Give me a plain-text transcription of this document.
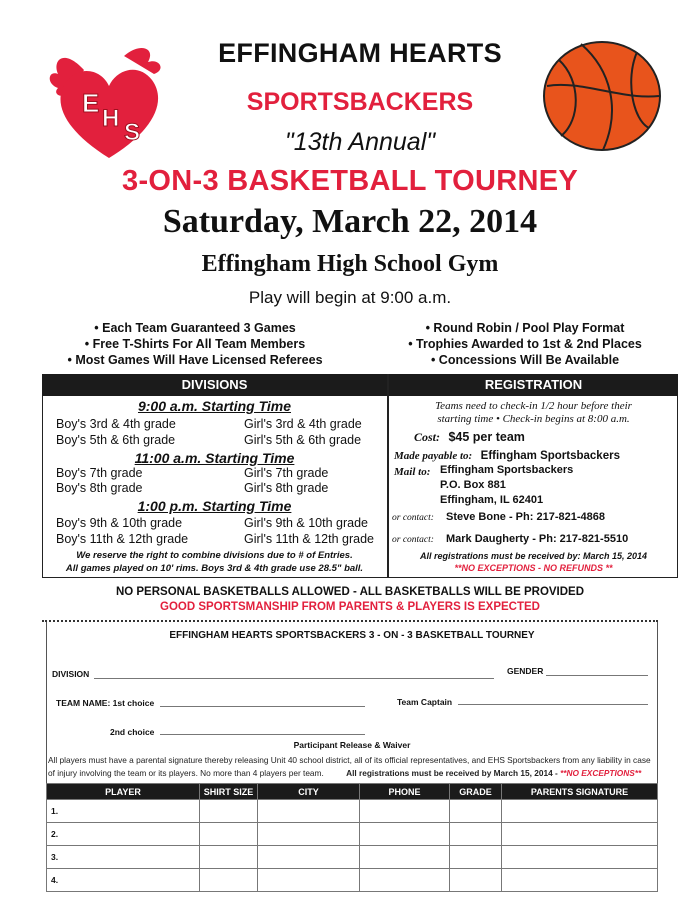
E
H
S
EFFINGHAM HEARTS
SPORTSBACKERS
"13th Annual"
3-ON-3 BASKETBALL TOURNEY
Saturday, March 22, 2014
Effingham High School Gym
Play will begin at 9:00 a.m.
• Each Team Guaranteed 3 Games
• Free T-Shirts For All Team Members
• Most Games Will Have Licensed Referees
• Round Robin / Pool Play Format
• Trophies Awarded to 1st & 2nd Places
• Concessions Will Be Available
DIVISIONS	REGISTRATION
9:00 a.m. Starting Time
Boy's 3rd & 4th grade	Girl's 3rd & 4th grade
Boy's 5th & 6th grade	Girl's 5th & 6th grade
11:00 a.m. Starting Time
Boy's 7th grade	Girl's 7th grade
Boy's 8th grade	Girl's 8th grade
1:00 p.m. Starting Time
Boy's 9th & 10th grade	Girl's 9th & 10th grade
Boy's 11th & 12th grade	Girl's 11th & 12th grade
We reserve the right to combine divisions due to # of Entries.
All games played on 10' rims. Boys 3rd & 4th grade use 28.5" ball.
Teams need to check-in 1/2 hour before their
starting time • Check-in begins at 8:00 a.m.
Cost: $45 per team
Made payable to: Effingham Sportsbackers
Mail to: Effingham Sportsbackers
P.O. Box 881
Effingham, IL 62401
or contact: Steve Bone - Ph: 217-821-4868
or contact: Mark Daugherty - Ph: 217-821-5510
All registrations must be received by: March 15, 2014
**NO EXCEPTIONS - NO REFUNDS **
NO PERSONAL BASKETBALLS ALLOWED - ALL BASKETBALLS WILL BE PROVIDED
GOOD SPORTSMANSHIP FROM PARENTS & PLAYERS IS EXPECTED
EFFINGHAM HEARTS SPORTSBACKERS 3 - ON - 3 BASKETBALL TOURNEY
DIVISION	GENDER
TEAM NAME: 1st choice	Team Captain
2nd choice
Participant Release & Waiver
All players must have a parental signature thereby releasing Unit 40 school district, all of its official representatives, and EHS Sportsbackers from any liability in case of injury involving the team or its players. No more than 4 players per team.	All registrations must be received by March 15, 2014 - **NO EXCEPTIONS**
PLAYER	SHIRT SIZE	CITY	PHONE	GRADE	PARENTS SIGNATURE
1.					
2.					
3.					
4.					
